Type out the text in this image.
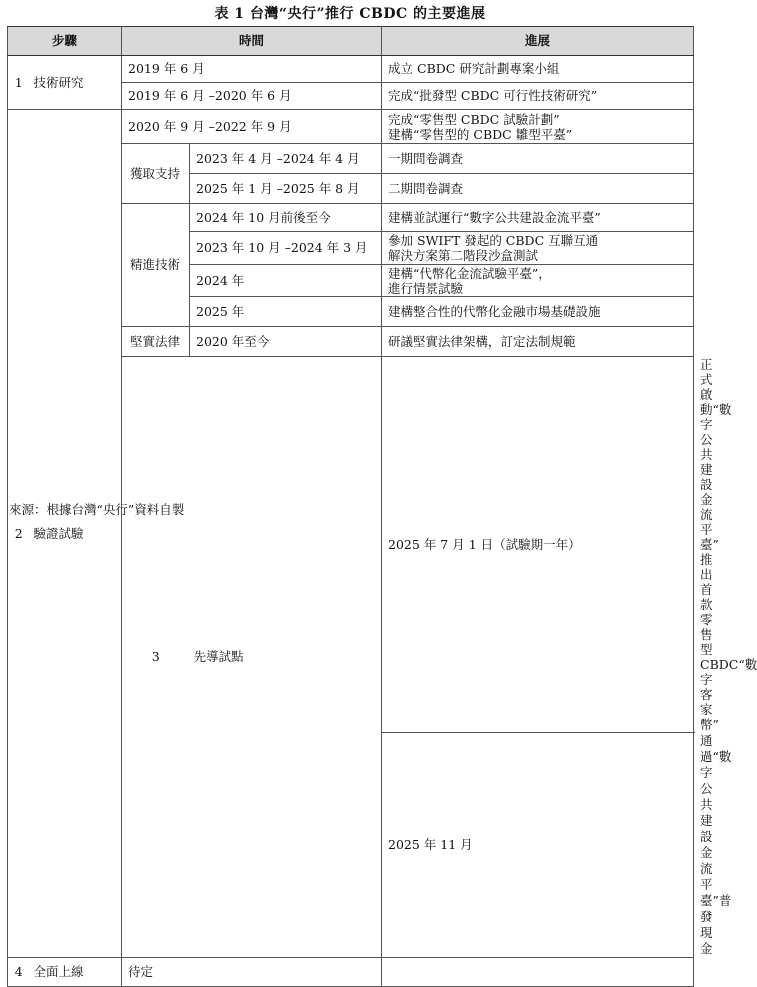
表 1 台灣“央行”推行 CBDC 的主要進展
步驟		時間		進展	
1	技術研究	2019 年 6 月		成立 CBDC 研究計劃專案小組	
		2019 年 6 月 –2020 年 6 月		完成“批發型 CBDC 可行性技術研究”	
2	驗證試驗	2020 年 9 月 –2022 年 9 月		完成“零售型 CBDC 試驗計劃”
建構“零售型的 CBDC 雛型平臺”	

		獲取支持	2023 年 4 月 –2024 年 4 月	一期問卷調查	
			2025 年 1 月 –2025 年 8 月	二期問卷調查	
		精進技術	2024 年 10 月前後至今	建構並試運行“數字公共建設金流平臺”	
			2023 年 10 月 –2024 年 3 月	參加 SWIFT 發起的 CBDC 互聯互通
解決方案第二階段沙盒測試	

			2024 年	建構“代幣化金流試驗平臺”，
進行情景試驗	

			2025 年	建構整合性的代幣化金融市場基礎設施	
		堅實法律	2020 年至今	研議堅實法律架構，訂定法制規範	
		3	先導試點	2025 年 7 月 1 日（試驗期一年）	正式啟動“數字公共建設金流平臺”
推出首款零售型 CBDC“數字客家幣”

				2025 年 11 月	通過“數字公共建設金流平臺”普發現金
4	全面上線	待定			
來源：根據台灣“央行”資料自製
